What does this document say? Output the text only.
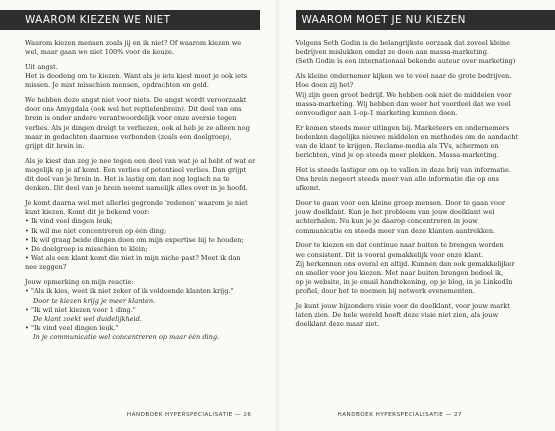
WAAROM KIEZEN WE NIET

Waarom kiezen mensen zoals jij en ik niet? Of waarom kiezen we
wel, maar gaan we niet 100% voor de keuze.

Uit angst.
Het is doodeng om te kiezen. Want als je iets kiest moet je ook iets
missen. Je mist misschien mensen, opdrachten en geld.

We hebben deze angst niet voor niets. De angst wordt veroorzaakt
door ons Amygdala (ook wel het reptielenbrein). Dit deel van ons
brein is onder andere verantwoordelijk voor onze aversie tegen
verlies. Als je dingen dreigt te verliezen, ook al heb je ze alleen nog
maar in gedachten daarmee verbonden (zoals een doelgroep),
grijpt dit brein in.

Als je kiest dan zeg je nee tegen een deel van wat je al hebt of wat er
mogelijk op je af komt. Een verlies of potentieel verlies. Dan grijpt
dit deel van je brein in. Het is lastig om dan nog logisch na te
denken. Dit deel van je brein neemt namelijk alles over in je hoofd.

Je komt daarna wel met allerlei gegronde 'redenen' waarom je niet
kunt kiezen. Komt dit je bekend voor:
• Ik vind veel dingen leuk;
• Ik wil me niet concentreren op één ding;
• Ik wil graag beide dingen doen om mijn expertise bij te houden;
• De doelgroep is misschien te klein;
• Wat als een klant komt die niet in mijn niche past? Moet ik dan
nee zeggen?

Jouw opmerking en mijn reactie:
• "Als ik kies, weet ik niet zeker of ik voldoende klanten krijg."
Door te kiezen krijg je meer klanten.
• "Ik wil niet kiezen voor 1 ding."
De klant zoekt wel duidelijkheid.
• "Ik vind veel dingen leuk."
In je communicatie wel concentreren op maar één ding.

HANDBOEK HYPERSPECIALISATIE — 26
WAAROM MOET JE NU KIEZEN

Volgens Seth Godin is de belangrijkste oorzaak dat zoveel kleine
bedrijven mislukken omdat ze doen aan massa-marketing.
(Seth Godin is een internationaal bekende auteur over marketing)

Als kleine ondernemer kijken we te veel naar de grote bedrijven.
Hoe doen zij het?
Wij zijn geen groot bedrijf. We hebben ook niet de middelen voor
massa-marketing. Wij hebben dan weer het voordeel dat we veel
eenvoudiger aan 1-op-1 marketing kunnen doen.

Er komen steeds meer uitingen bij. Marketeers en ondernemers
bedenken dagelijks nieuwe middelen en methodes om de aandacht
van de klant te krijgen. Reclame-media als TVs, schermen en
berichten, vind je op steeds meer plekken. Massa-marketing.

Het is steeds lastiger om op te vallen in deze brij van informatie.
Ons brein negeert steeds meer van alle informatie die op ons
afkomt.

Door te gaan voor een kleine groep mensen. Door te gaan voor
jouw doelklant. Kun je het probleem van jouw doelklant wel
achterhalen. Nu kun je je daarop concentreren in jouw
communicatie en steeds meer van deze klanten aantrekken.

Door te kiezen en dat continue naar buiten te brengen worden
we consistent. Dit is vooral gemakkelijk voor onze klant.
Zij herkennen ons overal en altijd. Kunnen dan ook gemakkelijker
en sneller voor jou kiezen. Met naar buiten brengen bedoel ik,
op je website, in je email handtekening, op je blog, in je LinkedIn
profiel, door het te noemen bij netwerk evenementen.

Je kunt jouw bijzondere visie voor de doelklant, voor jouw markt
laten zien. De hele wereld hoeft deze visie niet zien, als jouw
doelklant deze maar ziet.

HANDBOEK HYPERSPECIALISATIE — 27
